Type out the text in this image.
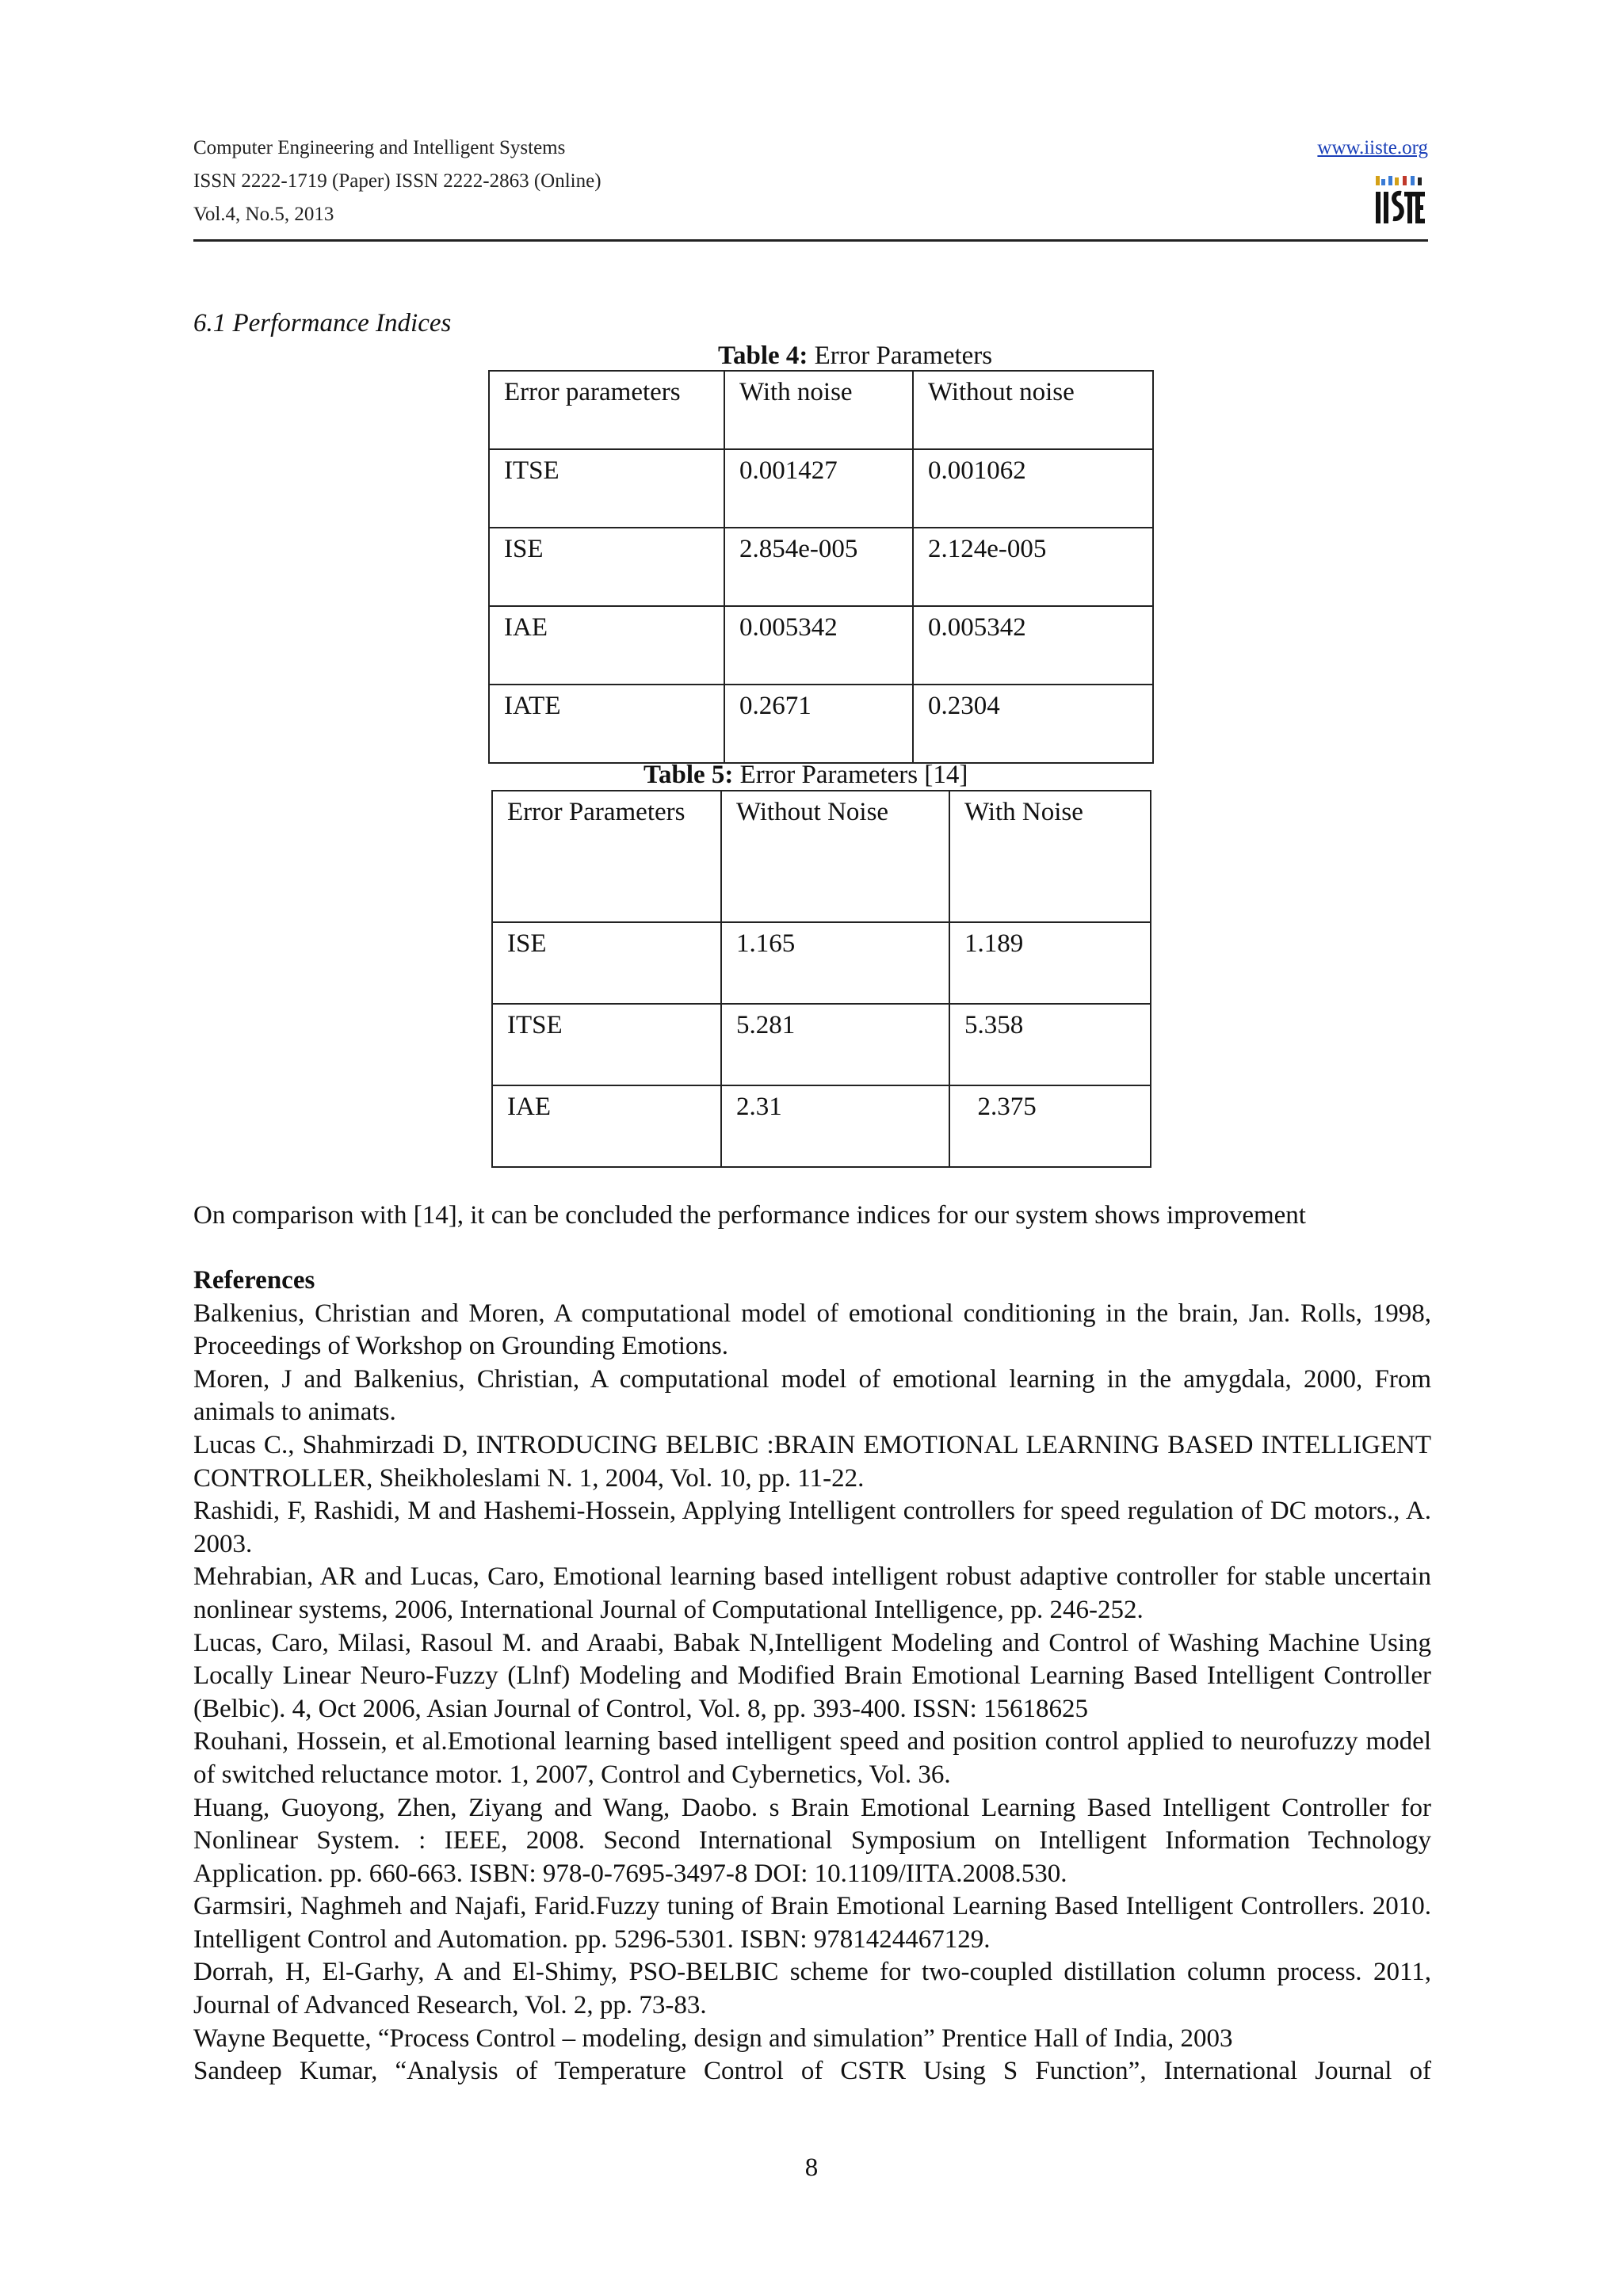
Computer Engineering and Intelligent Systems
ISSN 2222-1719 (Paper) ISSN 2222-2863 (Online)
Vol.4, No.5, 2013
www.iiste.org
6.1 Performance Indices
Table 4: Error Parameters
Error parameters	With noise	Without noise
ITSE	0.001427	0.001062
ISE	2.854e-005	2.124e-005
IAE	0.005342	0.005342
IATE	0.2671	0.2304
Table 5: Error Parameters [14]
Error Parameters	Without Noise	With Noise
ISE	1.165	1.189
ITSE	5.281	5.358
IAE	2.31	2.375
On comparison with [14], it can be concluded the performance indices for our system shows improvement

References

Balkenius, Christian and Moren, A computational model of emotional conditioning in the brain, Jan. Rolls, 1998, Proceedings of Workshop on Grounding Emotions.

Moren, J and Balkenius, Christian, A computational model of emotional learning in the amygdala, 2000, From animals to animats.

Lucas C., Shahmirzadi D, INTRODUCING BELBIC :BRAIN EMOTIONAL LEARNING BASED INTELLIGENT CONTROLLER, Sheikholeslami N. 1, 2004, Vol. 10, pp. 11-22.

Rashidi, F, Rashidi, M and Hashemi-Hossein, Applying Intelligent controllers for speed regulation of DC motors., A. 2003.

Mehrabian, AR and Lucas, Caro, Emotional learning based intelligent robust adaptive controller for stable uncertain nonlinear systems, 2006, International Journal of Computational Intelligence, pp. 246-252.

Lucas, Caro, Milasi, Rasoul M. and Araabi, Babak N,Intelligent Modeling and Control of Washing Machine Using Locally Linear Neuro-Fuzzy (Llnf) Modeling and Modified Brain Emotional Learning Based Intelligent Controller (Belbic). 4, Oct 2006, Asian Journal of Control, Vol. 8, pp. 393-400. ISSN: 15618625

Rouhani, Hossein, et al.Emotional learning based intelligent speed and position control applied to neurofuzzy model of switched reluctance motor. 1, 2007, Control and Cybernetics, Vol. 36.

Huang, Guoyong, Zhen, Ziyang and Wang, Daobo. s Brain Emotional Learning Based Intelligent Controller for Nonlinear System. : IEEE, 2008. Second International Symposium on Intelligent Information Technology Application. pp. 660-663. ISBN: 978-0-7695-3497-8 DOI: 10.1109/IITA.2008.530.

Garmsiri, Naghmeh and Najafi, Farid.Fuzzy tuning of Brain Emotional Learning Based Intelligent Controllers. 2010. Intelligent Control and Automation. pp. 5296-5301. ISBN: 9781424467129.

Dorrah, H, El-Garhy, A and El-Shimy, PSO-BELBIC scheme for two-coupled distillation column process. 2011, Journal of Advanced Research, Vol. 2, pp. 73-83.

Wayne Bequette, “Process Control – modeling, design and simulation” Prentice Hall of India, 2003

Sandeep Kumar, “Analysis of Temperature Control of CSTR Using S Function”, International Journal of

8
